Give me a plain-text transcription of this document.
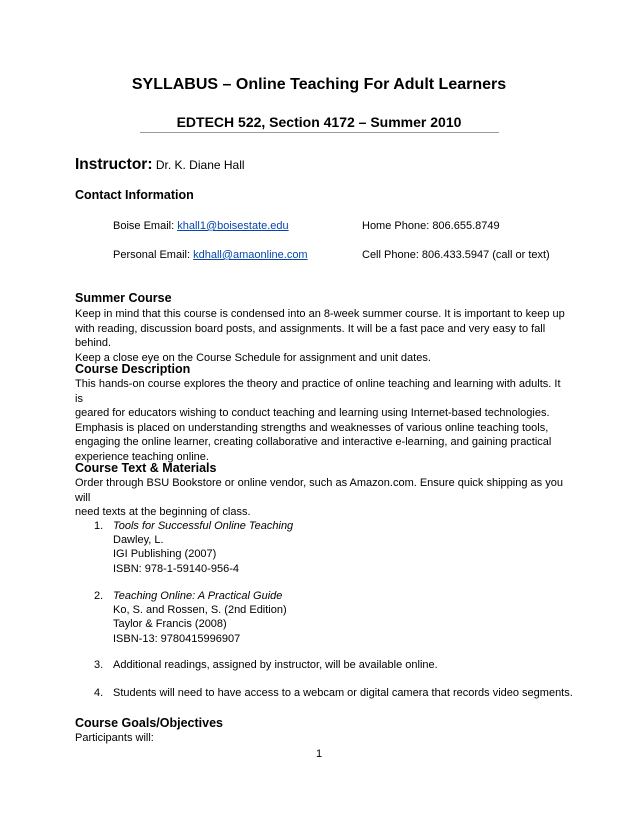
SYLLABUS – Online Teaching For Adult Learners
EDTECH 522, Section 4172 – Summer 2010
Instructor: Dr. K. Diane Hall
Contact Information
Boise Email: khall1@boisestate.edu	Home Phone: 806.655.8749
Personal Email: kdhall@amaonline.com	Cell Phone: 806.433.5947 (call or text)
Summer Course
Keep in mind that this course is condensed into an 8-week summer course. It is important to keep up
with reading, discussion board posts, and assignments. It will be a fast pace and very easy to fall behind.
Keep a close eye on the Course Schedule for assignment and unit dates.
Course Description
This hands-on course explores the theory and practice of online teaching and learning with adults. It is
geared for educators wishing to conduct teaching and learning using Internet-based technologies.
Emphasis is placed on understanding strengths and weaknesses of various online teaching tools,
engaging the online learner, creating collaborative and interactive e-learning, and gaining practical
experience teaching online.
Course Text & Materials
Order through BSU Bookstore or online vendor, such as Amazon.com. Ensure quick shipping as you will
need texts at the beginning of class.
1. Tools for Successful Online Teaching
Dawley, L.
IGI Publishing (2007)
ISBN: 978-1-59140-956-4
2. Teaching Online: A Practical Guide
Ko, S. and Rossen, S. (2nd Edition)
Taylor & Francis (2008)
ISBN-13: 9780415996907
3. Additional readings, assigned by instructor, will be available online.
4. Students will need to have access to a webcam or digital camera that records video segments.
Course Goals/Objectives
Participants will:
1
